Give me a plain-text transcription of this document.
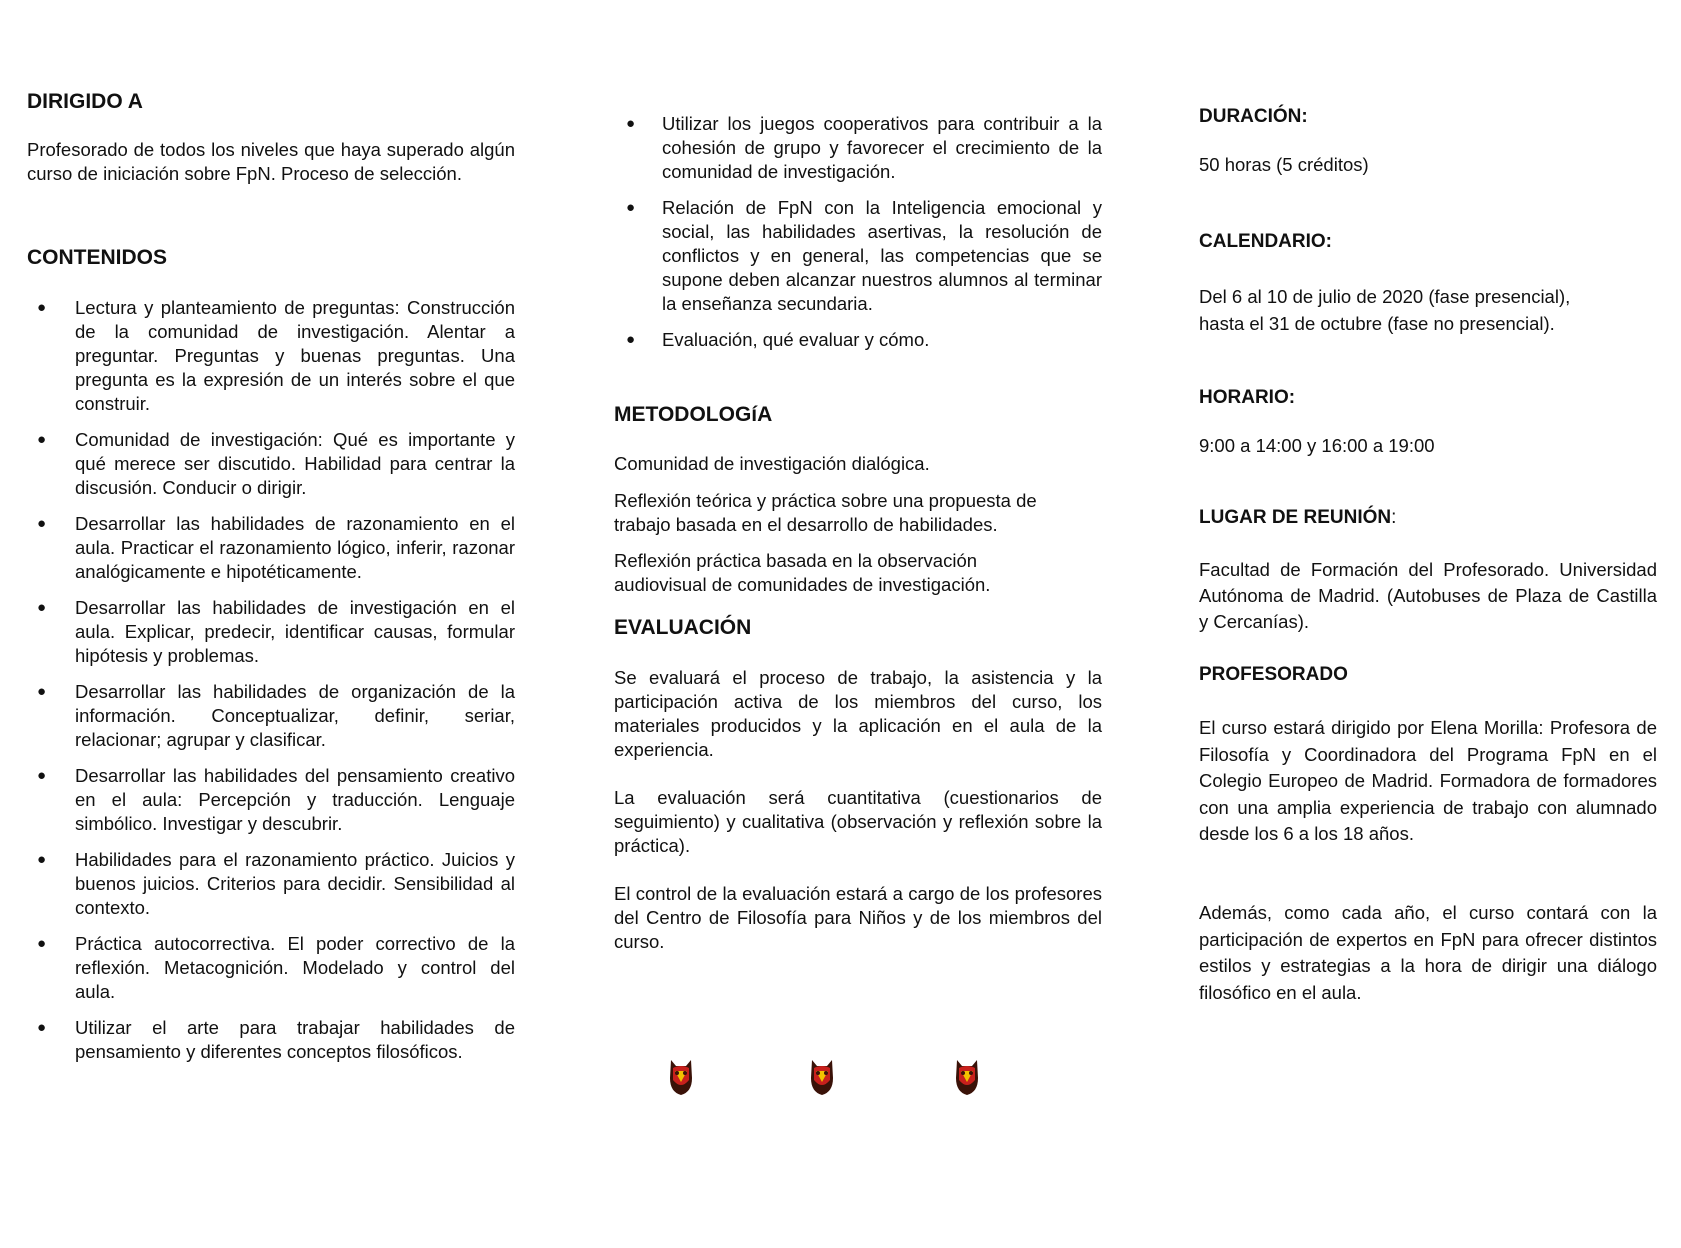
DIRIGIDO A

Profesorado de todos los niveles que haya superado algún curso de iniciación sobre FpN. Proceso de selección.

CONTENIDOS
● Lectura y planteamiento de preguntas: Construcción de la comunidad de investigación. Alentar a preguntar. Preguntas y buenas preguntas. Una pregunta es la expresión de un interés sobre el que construir.
● Comunidad de investigación: Qué es importante y qué merece ser discutido. Habilidad para centrar la discusión. Conducir o dirigir.
● Desarrollar las habilidades de razonamiento en el aula. Practicar el razonamiento lógico, inferir, razonar analógicamente e hipotéticamente.
● Desarrollar las habilidades de investigación en el aula. Explicar, predecir, identificar causas, formular hipótesis y problemas.
● Desarrollar las habilidades de organización de la información. Conceptualizar, definir, seriar, relacionar; agrupar y clasificar.
● Desarrollar las habilidades del pensamiento creativo en el aula: Percepción y traducción. Lenguaje simbólico. Investigar y descubrir.
● Habilidades para el razonamiento práctico. Juicios y buenos juicios. Criterios para decidir. Sensibilidad al contexto.
● Práctica autocorrectiva. El poder correctivo de la reflexión. Metacognición. Modelado y control del aula.
● Utilizar el arte para trabajar habilidades de pensamiento y diferentes conceptos filosóficos.
● Utilizar los juegos cooperativos para contribuir a la cohesión de grupo y favorecer el crecimiento de la comunidad de investigación.
● Relación de FpN con la Inteligencia emocional y social, las habilidades asertivas, la resolución de conflictos y en general, las competencias que se supone deben alcanzar nuestros alumnos al terminar la enseñanza secundaria.
● Evaluación, qué evaluar y cómo.
METODOLOGíA

Comunidad de investigación dialógica.

Reflexión teórica y práctica sobre una propuesta de trabajo basada en el desarrollo de habilidades.

Reflexión práctica basada en la observación audiovisual de comunidades de investigación.

EVALUACIÓN

Se evaluará el proceso de trabajo, la asistencia y la participación activa de los miembros del curso, los materiales producidos y la aplicación en el aula de la experiencia.

La evaluación será cuantitativa (cuestionarios de seguimiento) y cualitativa (observación y reflexión sobre la práctica).

El control de la evaluación estará a cargo de los profesores del Centro de Filosofía para Niños y de los miembros del curso.

DURACIÓN:

50 horas (5 créditos)

CALENDARIO:

Del 6 al 10 de julio de 2020 (fase presencial),

hasta el 31 de octubre (fase no presencial).

HORARIO:

9:00 a 14:00 y 16:00 a 19:00

LUGAR DE REUNIÓN:

Facultad de Formación del Profesorado. Universidad Autónoma de Madrid. (Autobuses de Plaza de Castilla y Cercanías).

PROFESORADO

El curso estará dirigido por Elena Morilla: Profesora de Filosofía y Coordinadora del Programa FpN en el Colegio Europeo de Madrid. Formadora de formadores con una amplia experiencia de trabajo con alumnado desde los 6 a los 18 años.

Además, como cada año, el curso contará con la participación de expertos en FpN para ofrecer distintos estilos y estrategias a la hora de dirigir una diálogo filosófico en el aula.
